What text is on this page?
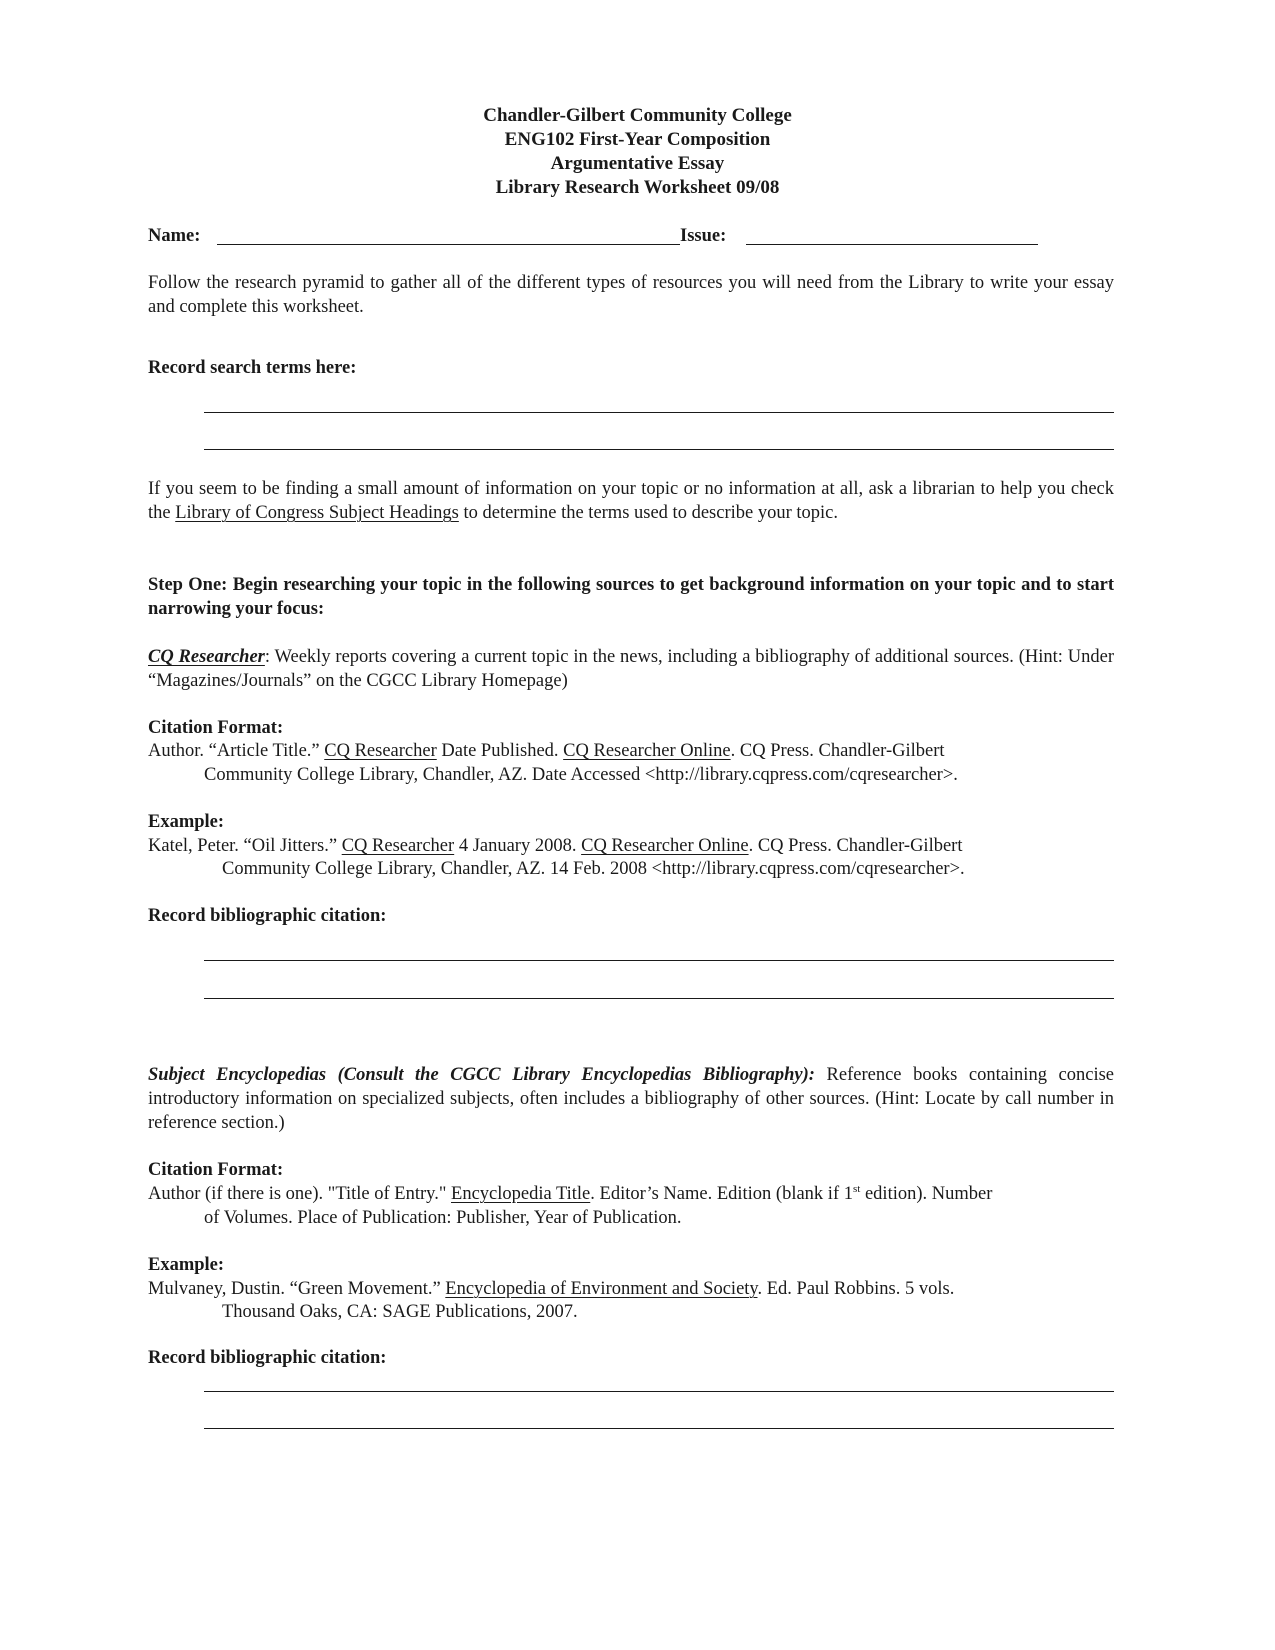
Chandler-Gilbert Community College
ENG102 First-Year Composition
Argumentative Essay
Library Research Worksheet 09/08
Name:	Issue:
Follow the research pyramid to gather all of the different types of resources you will need from the Library to write your essay and complete this worksheet.
Record search terms here:
If you seem to be finding a small amount of information on your topic or no information at all, ask a librarian to help you check the Library of Congress Subject Headings to determine the terms used to describe your topic.
Step One: Begin researching your topic in the following sources to get background information on your topic and to start narrowing your focus:
CQ Researcher: Weekly reports covering a current topic in the news, including a bibliography of additional sources. (Hint: Under “Magazines/Journals” on the CGCC Library Homepage)
Citation Format:
Author. “Article Title.” CQ Researcher Date Published. CQ Researcher Online. CQ Press. Chandler-Gilbert
Community College Library, Chandler, AZ. Date Accessed <http://library.cqpress.com/cqresearcher>.
Example:
Katel, Peter. “Oil Jitters.” CQ Researcher 4 January 2008. CQ Researcher Online. CQ Press. Chandler-Gilbert
Community College Library, Chandler, AZ. 14 Feb. 2008 <http://library.cqpress.com/cqresearcher>.
Record bibliographic citation:
Subject Encyclopedias (Consult the CGCC Library Encyclopedias Bibliography): Reference books containing concise introductory information on specialized subjects, often includes a bibliography of other sources. (Hint: Locate by call number in reference section.)
Citation Format:
Author (if there is one). "Title of Entry." Encyclopedia Title. Editor’s Name. Edition (blank if 1st edition). Number
of Volumes. Place of Publication: Publisher, Year of Publication.
Example:
Mulvaney, Dustin. “Green Movement.” Encyclopedia of Environment and Society. Ed. Paul Robbins. 5 vols.
Thousand Oaks, CA: SAGE Publications, 2007.
Record bibliographic citation:
